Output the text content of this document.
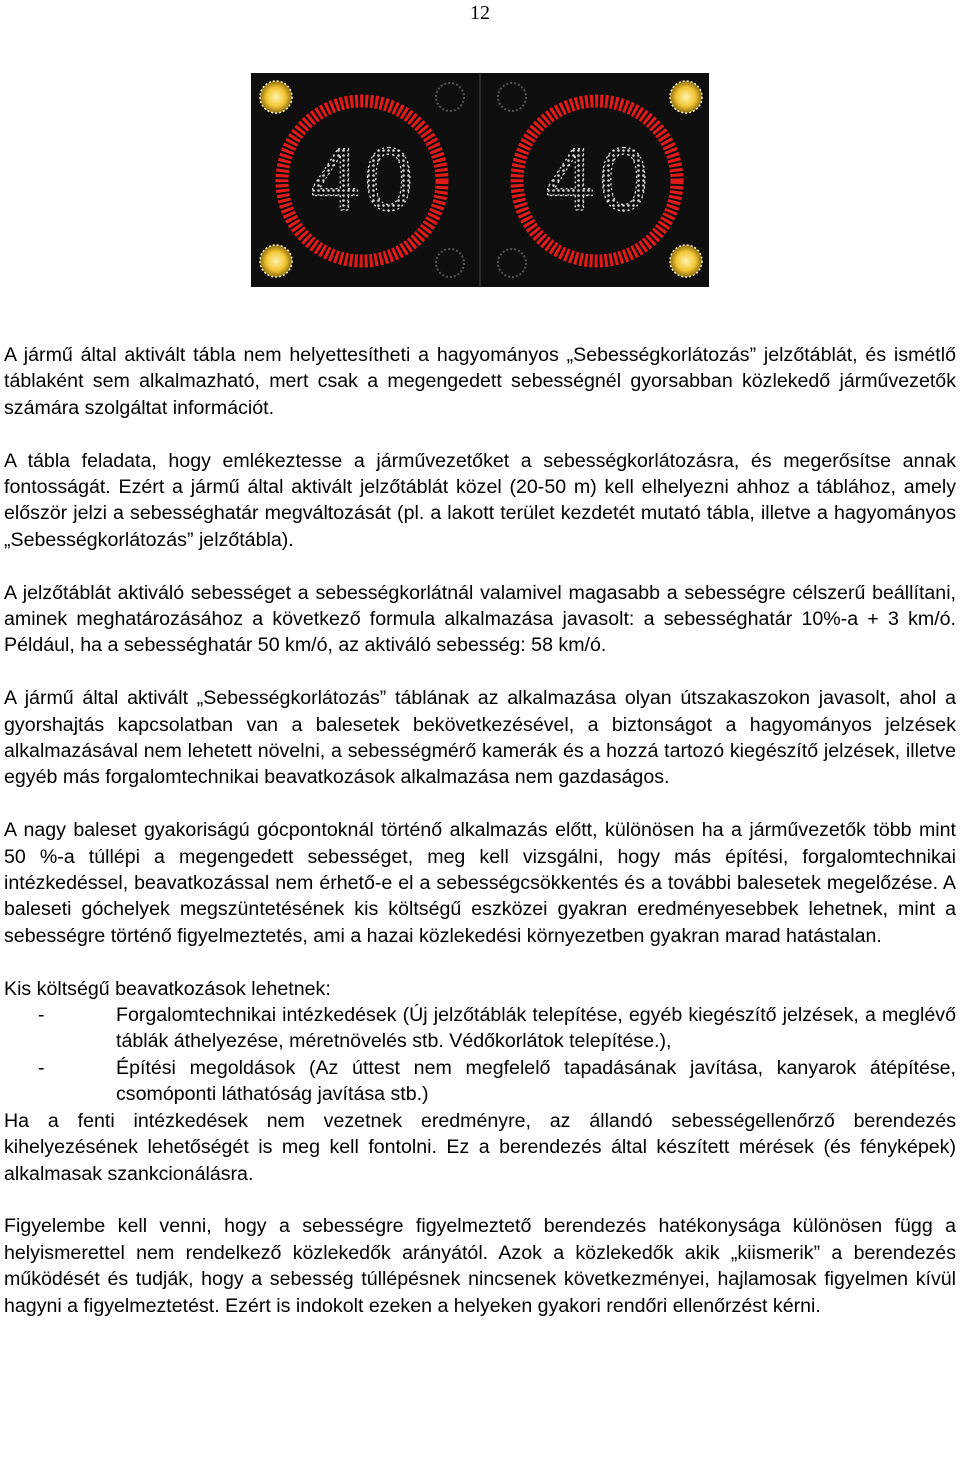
12
40 40

A jármű által aktivált tábla nem helyettesítheti a hagyományos „Sebességkorlátozás” jelzőtáblát, és ismétlő táblaként sem alkalmazható, mert csak a megengedett sebességnél gyorsabban közlekedő járművezetők számára szolgáltat információt.

A tábla feladata, hogy emlékeztesse a járművezetőket a sebességkorlátozásra, és megerősítse annak fontosságát. Ezért a jármű által aktivált jelzőtáblát közel (20-50 m) kell elhelyezni ahhoz a táblához, amely először jelzi a sebességhatár megváltozását (pl. a lakott terület kezdetét mutató tábla, illetve a hagyományos „Sebességkorlátozás” jelzőtábla).

A jelzőtáblát aktiváló sebességet a sebességkorlátnál valamivel magasabb a sebességre célszerű beállítani, aminek meghatározásához a következő formula alkalmazása javasolt: a sebességhatár 10%-a + 3 km/ó. Például, ha a sebességhatár 50 km/ó, az aktiváló sebesség: 58 km/ó.

A jármű által aktivált „Sebességkorlátozás” táblának az alkalmazása olyan útszakaszokon javasolt, ahol a gyorshajtás kapcsolatban van a balesetek bekövetkezésével, a biztonságot a hagyományos jelzések alkalmazásával nem lehetett növelni, a sebességmérő kamerák és a hozzá tartozó kiegészítő jelzések, illetve egyéb más forgalomtechnikai beavatkozások alkalmazása nem gazdaságos.

A nagy baleset gyakoriságú gócpontoknál történő alkalmazás előtt, különösen ha a járművezetők több mint 50 %-a túllépi a megengedett sebességet, meg kell vizsgálni, hogy más építési, forgalomtechnikai intézkedéssel, beavatkozással nem érhető-e el a sebességcsökkentés és a további balesetek megelőzése. A baleseti góchelyek megszüntetésének kis költségű eszközei gyakran eredményesebbek lehetnek, mint a sebességre történő figyelmeztetés, ami a hazai közlekedési környezetben gyakran marad hatástalan.

Kis költségű beavatkozások lehetnek:

-	Forgalomtechnikai intézkedések (Új jelzőtáblák telepítése, egyéb kiegészítő jelzések, a meglévő táblák áthelyezése, méretnövelés stb. Védőkorlátok telepítése.),
-	Építési megoldások (Az úttest nem megfelelő tapadásának javítása, kanyarok átépítése, csomóponti láthatóság javítása stb.)

Ha a fenti intézkedések nem vezetnek eredményre, az állandó sebességellenőrző berendezés kihelyezésének lehetőségét is meg kell fontolni. Ez a berendezés által készített mérések (és fényképek) alkalmasak szankcionálásra.

Figyelembe kell venni, hogy a sebességre figyelmeztető berendezés hatékonysága különösen függ a helyismerettel nem rendelkező közlekedők arányától. Azok a közlekedők akik „kiismerik” a berendezés működését és tudják, hogy a sebesség túllépésnek nincsenek következményei, hajlamosak figyelmen kívül hagyni a figyelmeztetést. Ezért is indokolt ezeken a helyeken gyakori rendőri ellenőrzést kérni.
